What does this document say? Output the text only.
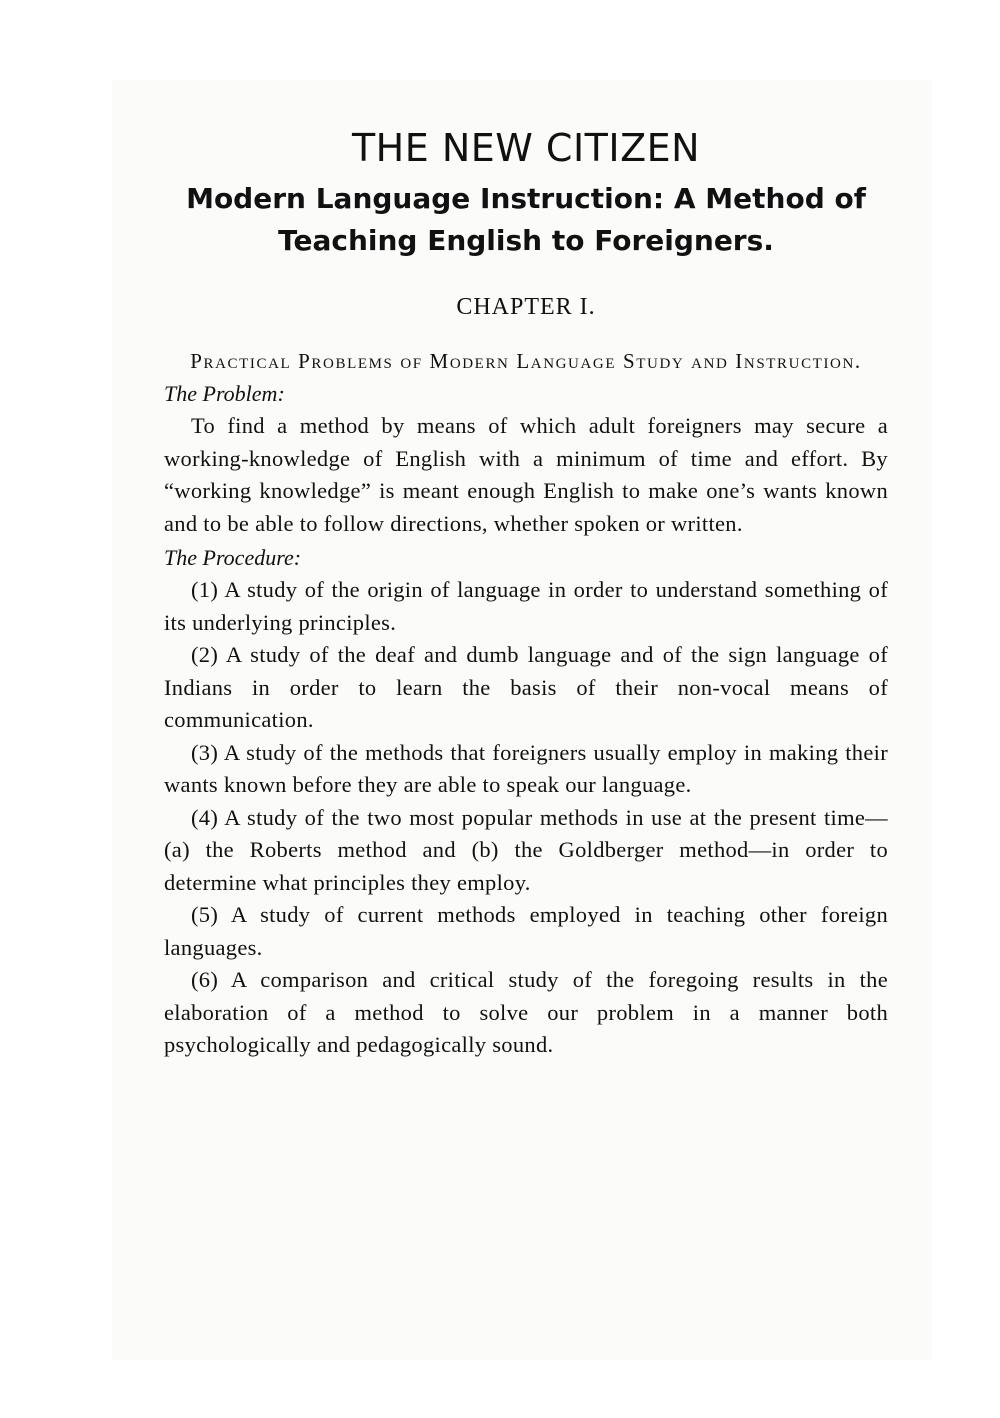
THE NEW CITIZEN
Modern Language Instruction: A Method of
Teaching English to Foreigners.
CHAPTER I.
Practical Problems of Modern Language Study and Instruction.
The Problem:

To find a method by means of which adult foreigners may secure a working-knowledge of English with a minimum of time and effort. By “working knowledge” is meant enough English to make one’s wants known and to be able to follow directions, whether spoken or written.

The Procedure:

(1) A study of the origin of language in order to understand something of its underlying principles.

(2) A study of the deaf and dumb language and of the sign language of Indians in order to learn the basis of their non-vocal means of communication.

(3) A study of the methods that foreigners usually employ in making their wants known before they are able to speak our language.

(4) A study of the two most popular methods in use at the present time—(a) the Roberts method and (b) the Goldberger method—in order to determine what principles they employ.

(5) A study of current methods employed in teaching other foreign languages.

(6) A comparison and critical study of the foregoing results in the elaboration of a method to solve our problem in a manner both psychologically and pedagogically sound.
